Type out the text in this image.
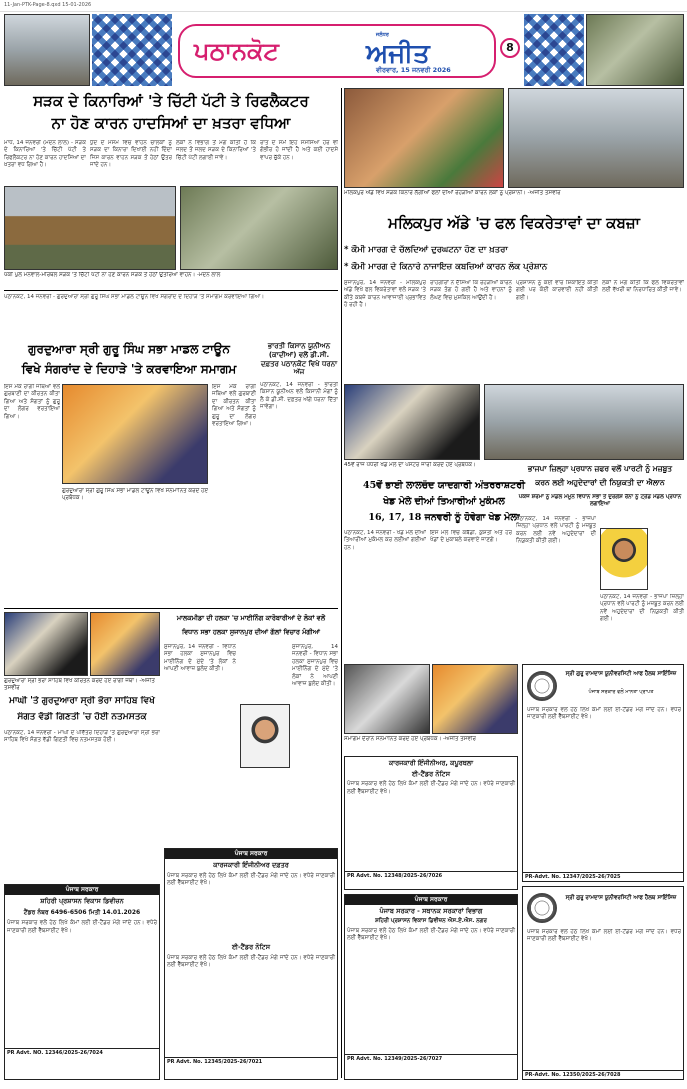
11-Jan-PTK-Page-8.qxd 15-01-2026
ਪਠਾਨਕੋਟ
ਜਲੰਧਰ
ਅਜੀਤ
ਵੀਰਵਾਰ, 15 ਜਨਵਰੀ 2026
8
ਸੜਕ ਦੇ ਕਿਨਾਰਿਆਂ 'ਤੇ ਚਿੱਟੀ ਪੱਟੀ ਤੇ ਰਿਫਲੈਕਟਰ
ਨਾ ਹੋਣ ਕਾਰਨ ਹਾਦਸਿਆਂ ਦਾ ਖ਼ਤਰਾ ਵਧਿਆ
ਮਾਧੋ, 14 ਜਨਵਰੀ (ਮਦਨ ਲਾਲ) - ਸੜਕ ਦੇ ਕਿਨਾਰਿਆਂ 'ਤੇ ਚਿੱਟੀ ਪੱਟੀ ਤੇ ਰਿਫਲੈਕਟਰ ਨਾ ਹੋਣ ਕਾਰਨ ਹਾਦਸਿਆਂ ਦਾ ਖ਼ਤਰਾ ਵਧ ਗਿਆ ਹੈ।
ਧੁੰਦ ਦੇ ਮੌਸਮ ਵਿਚ ਵਾਹਨ ਚਾਲਕਾਂ ਨੂੰ ਸੜਕ ਦਾ ਕਿਨਾਰਾ ਦਿਖਾਈ ਨਹੀਂ ਦਿੰਦਾ ਜਿਸ ਕਾਰਨ ਵਾਹਨ ਸੜਕ ਤੋਂ ਹੇਠਾਂ ਉਤਰ ਜਾਂਦੇ ਹਨ।
ਲੋਕਾਂ ਨੇ ਵਿਭਾਗ ਤੋਂ ਮੰਗ ਕੀਤੀ ਹੈ ਕਿ ਜਲਦ ਤੋਂ ਜਲਦ ਸੜਕ ਦੇ ਕਿਨਾਰਿਆਂ 'ਤੇ ਚਿੱਟੀ ਪੱਟੀ ਲਗਾਈ ਜਾਵੇ।
ਰਾਤ ਦੇ ਸਮੇਂ ਇਹ ਸਮੱਸਿਆ ਹੋਰ ਵੀ ਗੰਭੀਰ ਹੋ ਜਾਂਦੀ ਹੈ ਅਤੇ ਕਈ ਹਾਦਸੇ ਵਾਪਰ ਚੁੱਕੇ ਹਨ।
ਪੱਕੀ ਪੁਲ ਮਨਵਾਲ-ਮੀਰਥਲ ਸੜਕ 'ਤੇ ਚਿੱਟੀ ਪੱਟੀ ਨਾ ਹੋਣ ਕਾਰਨ ਸੜਕ ਤੋਂ ਹੇਠਾਂ ਉਤਰਿਆ ਵਾਹਨ। -ਮਦਨ ਲਾਲ
ਮਲਿਕਪੁਰ ਅੱਡੇ ਵਿਖੇ ਸੜਕ ਕਿਨਾਰੇ ਲੱਗੀਆਂ ਫਲਾਂ ਦੀਆਂ ਰੇਹੜੀਆਂ ਕਾਰਨ ਲੋਕਾਂ ਨੂੰ ਪ੍ਰੇਸ਼ਾਨੀ। -ਅਜੀਤ ਤਸਵੀਰ
ਮਲਿਕਪੁਰ ਅੱਡੇ 'ਚ ਫਲ ਵਿਕਰੇਤਾਵਾਂ ਦਾ ਕਬਜ਼ਾ
* ਕੌਮੀ ਮਾਰਗ ਦੇ ਚੱਲਦਿਆਂ ਦੁਰਘਟਨਾ ਹੋਣ ਦਾ ਖ਼ਤਰਾ
* ਕੌਮੀ ਮਾਰਗ ਦੇ ਕਿਨਾਰੇ ਨਾਜਾਇਜ਼ ਕਬਜ਼ਿਆਂ ਕਾਰਨ ਲੋਕ ਪ੍ਰੇਸ਼ਾਨ
ਸੁਜਾਨਪੁਰ, 14 ਜਨਵਰੀ - ਮਲਿਕਪੁਰ ਅੱਡੇ ਵਿਖੇ ਫਲ ਵਿਕਰੇਤਾਵਾਂ ਵਲੋਂ ਸੜਕ 'ਤੇ ਕੀਤੇ ਕਬਜ਼ੇ ਕਾਰਨ ਆਵਾਜਾਈ ਪ੍ਰਭਾਵਿਤ ਹੋ ਰਹੀ ਹੈ।
ਰਾਹਗੀਰਾਂ ਨੇ ਦੱਸਿਆ ਕਿ ਰੇਹੜੀਆਂ ਕਾਰਨ ਸੜਕ ਤੰਗ ਹੋ ਗਈ ਹੈ ਅਤੇ ਵਾਹਨਾਂ ਨੂੰ ਲੰਘਣ ਵਿਚ ਮੁਸ਼ਕਿਲ ਆਉਂਦੀ ਹੈ।
ਪ੍ਰਸ਼ਾਸਨ ਨੂੰ ਕਈ ਵਾਰ ਸ਼ਿਕਾਇਤ ਕੀਤੀ ਗਈ ਪਰ ਕੋਈ ਕਾਰਵਾਈ ਨਹੀਂ ਕੀਤੀ ਗਈ।
ਲੋਕਾਂ ਨੇ ਮੰਗ ਕੀਤੀ ਕਿ ਫਲ ਵਿਕਰੇਤਾਵਾਂ ਲਈ ਵੱਖਰੀ ਥਾਂ ਨਿਰਧਾਰਿਤ ਕੀਤੀ ਜਾਵੇ।
ਪਠਾਨਕੋਟ, 14 ਜਨਵਰੀ - ਗੁਰਦੁਆਰਾ ਸ੍ਰੀ ਗੁਰੂ ਸਿੰਘ ਸਭਾ ਮਾਡਲ ਟਾਊਨ ਵਿਖੇ ਸੰਗਰਾਂਦ ਦੇ ਦਿਹਾੜੇ 'ਤੇ ਸਮਾਗਮ ਕਰਵਾਇਆ ਗਿਆ।
ਗੁਰਦੁਆਰਾ ਸ੍ਰੀ ਗੁਰੂ ਸਿੰਘ ਸਭਾ ਮਾਡਲ ਟਾਊਨ
ਵਿਖੇ ਸੰਗਰਾਂਦ ਦੇ ਦਿਹਾੜੇ 'ਤੇ ਕਰਵਾਇਆ ਸਮਾਗਮ
ਇਸ ਮੌਕੇ ਰਾਗੀ ਜਥਿਆਂ ਵਲੋਂ ਗੁਰਬਾਣੀ ਦਾ ਕੀਰਤਨ ਕੀਤਾ ਗਿਆ ਅਤੇ ਸੰਗਤਾਂ ਨੂੰ ਗੁਰੂ ਦਾ ਲੰਗਰ ਵਰਤਾਇਆ ਗਿਆ।
ਗੁਰਦੁਆਰਾ ਸ੍ਰੀ ਗੁਰੂ ਸਿੰਘ ਸਭਾ ਮਾਡਲ ਟਾਊਨ ਵਿਖੇ ਸਨਮਾਨਿਤ ਕਰਦੇ ਹੋਏ ਪ੍ਰਬੰਧਕ।
ਇਸ ਮੌਕੇ ਰਾਗੀ ਜਥਿਆਂ ਵਲੋਂ ਗੁਰਬਾਣੀ ਦਾ ਕੀਰਤਨ ਕੀਤਾ ਗਿਆ ਅਤੇ ਸੰਗਤਾਂ ਨੂੰ ਗੁਰੂ ਦਾ ਲੰਗਰ ਵਰਤਾਇਆ ਗਿਆ।
ਭਾਰਤੀ ਕਿਸਾਨ ਯੂਨੀਅਨ (ਕਾਦੀਆਂ) ਵਲੋਂ ਡੀ.ਸੀ. ਦਫ਼ਤਰ ਪਠਾਨਕੋਟ ਵਿਖੇ ਧਰਨਾ ਅੱਜ
ਪਠਾਨਕੋਟ, 14 ਜਨਵਰੀ - ਭਾਰਤੀ ਕਿਸਾਨ ਯੂਨੀਅਨ ਵਲੋਂ ਕਿਸਾਨੀ ਮੰਗਾਂ ਨੂੰ ਲੈ ਕੇ ਡੀ.ਸੀ. ਦਫ਼ਤਰ ਅੱਗੇ ਧਰਨਾ ਦਿੱਤਾ ਜਾਵੇਗਾ।
45ਵੇਂ ਰਾਜ ਪੱਧਰੀ ਖੇਡ ਮੇਲੇ ਦਾ ਪੋਸਟਰ ਜਾਰੀ ਕਰਦੇ ਹੋਏ ਪ੍ਰਬੰਧਕ।
45ਵੇਂ ਭਾਈ ਲਾਲਚੰਦ ਯਾਦਗਾਰੀ ਅੰਤਰਰਾਸ਼ਟਰੀ
ਖੇਡ ਮੇਲੇ ਦੀਆਂ ਤਿਆਰੀਆਂ ਮੁਕੰਮਲ
16, 17, 18 ਜਨਵਰੀ ਨੂੰ ਹੋਵੇਗਾ ਖੇਡ ਮੇਲਾ
ਪਠਾਨਕੋਟ, 14 ਜਨਵਰੀ - ਖੇਡ ਮੇਲੇ ਦੀਆਂ ਤਿਆਰੀਆਂ ਮੁਕੰਮਲ ਕਰ ਲਈਆਂ ਗਈਆਂ ਹਨ।
ਇਸ ਮੇਲੇ ਵਿਚ ਕਬੱਡੀ, ਕੁਸ਼ਤੀ ਅਤੇ ਹੋਰ ਖੇਡਾਂ ਦੇ ਮੁਕਾਬਲੇ ਕਰਵਾਏ ਜਾਣਗੇ।
ਭਾਜਪਾ ਜ਼ਿਲ੍ਹਾ ਪ੍ਰਧਾਨ ਜ਼ਫਰ ਵਲੋਂ ਪਾਰਟੀ ਨੂੰ ਮਜ਼ਬੂਤ
ਕਰਨ ਲਈ ਅਹੁਦੇਦਾਰਾਂ ਦੀ ਨਿਯੁਕਤੀ ਦਾ ਐਲਾਨ
ਪੰਕਜ ਸ਼ਰਮਾ ਨੂੰ ਮੰਡਲ ਮਮੂਨ ਵਿਧਾਨ ਸਭਾ ਤੇ ਦੁਰਗੇਸ਼ ਰੈਨਾ ਨੂੰ ਟ੍ਰੇਡ ਮੰਡਲ ਪ੍ਰਧਾਨ ਲਗਾਇਆ
ਪਠਾਨਕੋਟ, 14 ਜਨਵਰੀ - ਭਾਜਪਾ ਜ਼ਿਲ੍ਹਾ ਪ੍ਰਧਾਨ ਵਲੋਂ ਪਾਰਟੀ ਨੂੰ ਮਜ਼ਬੂਤ ਕਰਨ ਲਈ ਨਵੇਂ ਅਹੁਦੇਦਾਰਾਂ ਦੀ ਨਿਯੁਕਤੀ ਕੀਤੀ ਗਈ।
ਪਠਾਨਕੋਟ, 14 ਜਨਵਰੀ - ਭਾਜਪਾ ਜ਼ਿਲ੍ਹਾ ਪ੍ਰਧਾਨ ਵਲੋਂ ਪਾਰਟੀ ਨੂੰ ਮਜ਼ਬੂਤ ਕਰਨ ਲਈ ਨਵੇਂ ਅਹੁਦੇਦਾਰਾਂ ਦੀ ਨਿਯੁਕਤੀ ਕੀਤੀ ਗਈ।
ਸਮਾਗਮ ਦੌਰਾਨ ਸਨਮਾਨਿਤ ਕਰਦੇ ਹੋਏ ਪ੍ਰਬੰਧਕ। -ਅਜੀਤ ਤਸਵੀਰ
ਗੁਰਦੁਆਰਾ ਸ੍ਰੀ ਭੋਰਾ ਸਾਹਿਬ ਵਿਖੇ ਕੀਰਤਨ ਕਰਦੇ ਹੋਏ ਰਾਗੀ ਜਥਾ। -ਅਜੀਤ ਤਸਵੀਰ
ਮਾਘੀ 'ਤੇ ਗੁਰਦੁਆਰਾ ਸ੍ਰੀ ਭੋਰਾ ਸਾਹਿਬ ਵਿਖੇ
ਸੰਗਤ ਵੱਡੀ ਗਿਣਤੀ 'ਚ ਹੋਈ ਨਤਮਸਤਕ
ਪਠਾਨਕੋਟ, 14 ਜਨਵਰੀ - ਮਾਘੀ ਦੇ ਪਵਿੱਤਰ ਦਿਹਾੜੇ 'ਤੇ ਗੁਰਦੁਆਰਾ ਸ੍ਰੀ ਭੋਰਾ ਸਾਹਿਬ ਵਿਖੇ ਸੰਗਤ ਵੱਡੀ ਗਿਣਤੀ ਵਿਚ ਨਤਮਸਤਕ ਹੋਈ।
ਮਾਲਕਮੀਡਾ ਦੀ ਹਲਕਾ 'ਚ ਮਾਈਨਿੰਗ ਕਾਰੋਬਾਰੀਆਂ ਦੇ ਲੋਕਾਂ ਵਲੋਂ
ਵਿਧਾਨ ਸਭਾ ਹਲਕਾ ਸੁਜਾਨਪੁਰ ਦੀਆਂ ਗੱਲਾਂ ਵਿਚਾਰ ਮੰਗੀਆਂ
ਸੁਜਾਨਪੁਰ, 14 ਜਨਵਰੀ - ਵਿਧਾਨ ਸਭਾ ਹਲਕਾ ਸੁਜਾਨਪੁਰ ਵਿਚ ਮਾਈਨਿੰਗ ਦੇ ਮੁੱਦੇ 'ਤੇ ਲੋਕਾਂ ਨੇ ਆਪਣੀ ਆਵਾਜ਼ ਬੁਲੰਦ ਕੀਤੀ।
ਸੁਜਾਨਪੁਰ, 14 ਜਨਵਰੀ - ਵਿਧਾਨ ਸਭਾ ਹਲਕਾ ਸੁਜਾਨਪੁਰ ਵਿਚ ਮਾਈਨਿੰਗ ਦੇ ਮੁੱਦੇ 'ਤੇ ਲੋਕਾਂ ਨੇ ਆਪਣੀ ਆਵਾਜ਼ ਬੁਲੰਦ ਕੀਤੀ।
ਪੰਜਾਬ ਸਰਕਾਰ
ਸ਼ਹਿਰੀ ਪ੍ਰਸ਼ਾਸਨ ਵਿਕਾਸ ਡਿਵੀਜ਼ਨ
ਟੈਂਡਰ ਨੰਬਰ 6496-6506 ਮਿਤੀ 14.01.2026
ਪੰਜਾਬ ਸਰਕਾਰ ਵਲੋਂ ਹੇਠ ਲਿਖੇ ਕੰਮਾਂ ਲਈ ਈ-ਟੈਂਡਰ ਮੰਗੇ ਜਾਂਦੇ ਹਨ। ਵਧੇਰੇ ਜਾਣਕਾਰੀ ਲਈ ਵੈੱਬਸਾਈਟ ਵੇਖੋ।
PR Advt. NO. 12346/2025-26/7024
ਪੰਜਾਬ ਸਰਕਾਰ
ਕਾਰਜਕਾਰੀ ਇੰਜੀਨੀਅਰ ਦਫ਼ਤਰ
ਪੰਜਾਬ ਸਰਕਾਰ ਵਲੋਂ ਹੇਠ ਲਿਖੇ ਕੰਮਾਂ ਲਈ ਈ-ਟੈਂਡਰ ਮੰਗੇ ਜਾਂਦੇ ਹਨ। ਵਧੇਰੇ ਜਾਣਕਾਰੀ ਲਈ ਵੈੱਬਸਾਈਟ ਵੇਖੋ।
ਈ-ਟੈਂਡਰ ਨੋਟਿਸ
ਪੰਜਾਬ ਸਰਕਾਰ ਵਲੋਂ ਹੇਠ ਲਿਖੇ ਕੰਮਾਂ ਲਈ ਈ-ਟੈਂਡਰ ਮੰਗੇ ਜਾਂਦੇ ਹਨ। ਵਧੇਰੇ ਜਾਣਕਾਰੀ ਲਈ ਵੈੱਬਸਾਈਟ ਵੇਖੋ।
PR Advt. No. 12345/2025-26/7021
ਕਾਰਜਕਾਰੀ ਇੰਜੀਨੀਅਰ, ਕਪੂਰਥਲਾ
ਈ-ਟੈਂਡਰ ਨੋਟਿਸ
ਪੰਜਾਬ ਸਰਕਾਰ ਵਲੋਂ ਹੇਠ ਲਿਖੇ ਕੰਮਾਂ ਲਈ ਈ-ਟੈਂਡਰ ਮੰਗੇ ਜਾਂਦੇ ਹਨ। ਵਧੇਰੇ ਜਾਣਕਾਰੀ ਲਈ ਵੈੱਬਸਾਈਟ ਵੇਖੋ।
PR Advt. No. 12348/2025-26/7026
ਪੰਜਾਬ ਸਰਕਾਰ
ਪੰਜਾਬ ਸਰਕਾਰ - ਸਥਾਨਕ ਸਰਕਾਰਾਂ ਵਿਭਾਗ
ਸ਼ਹਿਰੀ ਪ੍ਰਸ਼ਾਸਨ ਵਿਕਾਸ ਡਿਵੀਜ਼ਨ ਐਸ.ਏ.ਐਸ. ਨਗਰ
ਪੰਜਾਬ ਸਰਕਾਰ ਵਲੋਂ ਹੇਠ ਲਿਖੇ ਕੰਮਾਂ ਲਈ ਈ-ਟੈਂਡਰ ਮੰਗੇ ਜਾਂਦੇ ਹਨ। ਵਧੇਰੇ ਜਾਣਕਾਰੀ ਲਈ ਵੈੱਬਸਾਈਟ ਵੇਖੋ।
PR Advt. No. 12349/2025-26/7027
ਸ੍ਰੀ ਗੁਰੂ ਰਾਮਦਾਸ ਯੂਨੀਵਰਸਿਟੀ ਆਫ ਹੈਲਥ ਸਾਇੰਸਿਜ਼
ਪੰਜਾਬ ਸਰਕਾਰ ਵਲੋਂ ਮਾਨਤਾ ਪ੍ਰਾਪਤ
ਪੰਜਾਬ ਸਰਕਾਰ ਵਲੋਂ ਹੇਠ ਲਿਖੇ ਕੰਮਾਂ ਲਈ ਈ-ਟੈਂਡਰ ਮੰਗੇ ਜਾਂਦੇ ਹਨ। ਵਧੇਰੇ ਜਾਣਕਾਰੀ ਲਈ ਵੈੱਬਸਾਈਟ ਵੇਖੋ।
PR-Advt. No. 12347/2025-26/7025
ਸ੍ਰੀ ਗੁਰੂ ਰਾਮਦਾਸ ਯੂਨੀਵਰਸਿਟੀ ਆਫ ਹੈਲਥ ਸਾਇੰਸਿਜ਼
ਪੰਜਾਬ ਸਰਕਾਰ ਵਲੋਂ ਹੇਠ ਲਿਖੇ ਕੰਮਾਂ ਲਈ ਈ-ਟੈਂਡਰ ਮੰਗੇ ਜਾਂਦੇ ਹਨ। ਵਧੇਰੇ ਜਾਣਕਾਰੀ ਲਈ ਵੈੱਬਸਾਈਟ ਵੇਖੋ।
PR-Advt. No. 12350/2025-26/7028
